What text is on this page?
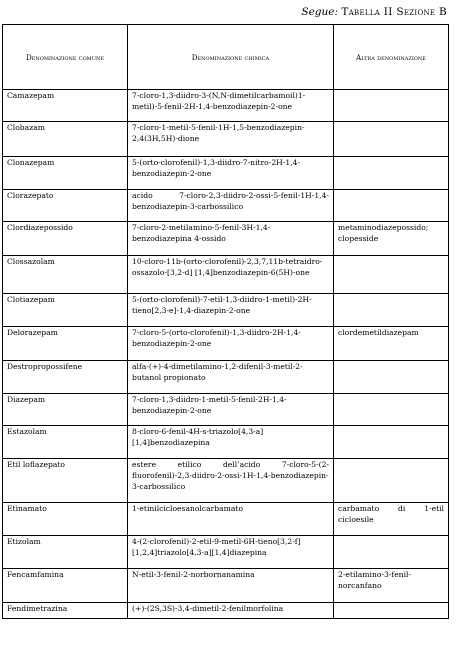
Segue: Tabella II Sezione B
Denominazione comune	Denominazione chimica	Altra denominazione
Camazepam	7-cloro-1,3-diidro-3-(N,N-dimetilcarbamoil)1-metil)-5-fenil-2H-1,4-benzodiazepin-2-one	
Clobazam	7-cloro-1-metil-5-fenil-1H-1,5-benzodiazepin-2,4(3H,5H)-dione	
Clonazepam	5-(orto-clorofenil)-1,3-diidro-7-nitro-2H-1,4-benzodiazepin-2-one	
Clorazepato	acido 7-cloro-2,3-diidro-2-ossi-5-fenil-1H-1,4-benzodiazepin-3-carbossilico	
Clordiazepossido	7-cloro-2-metilamino-5-fenil-3H-1,4-benzodiazepina 4-ossido	metaminodiazepossido; clopesside
Clossazolam	10-cloro-11b-(orto-clorofenil)-2,3,7,11b-tetraidro-ossazolo-[3,2-d] [1,4]benzodiazepin-6(5H)-one	
Clotiazepam	5-(orto-clorofenil)-7-etil-1,3-diidro-1-metil)-2H-tieno[2,3-e]-1,4-diazepin-2-one	
Delorazepam	7-cloro-5-(orto-clorofenil)-1,3-diidro-2H-1,4-benzodiazepin-2-one	clordemetildiazepam
Destropropossifene	alfa-(+)-4-dimetilamino-1,2-difenil-3-metil-2-butanol propionato	
Diazepam	7-cloro-1,3-diidro-1-metil-5-fenil-2H-1,4-benzodiazepin-2-one	
Estazolam	8-cloro-6-fenil-4H-s-triazolo[4,3-a] [1,4]benzodiazepina	
Etil loflazepato	estere etilico dell’acido 7-cloro-5-(2-fluorofenil)-2,3-diidro-2-ossi-1H-1,4-benzodiazepin-3-carbossilico	
Etinamato	1-etinilcicloesanolcarbamato	carbamato di 1-etil cicloesile
Etizolam	4-(2-clorofenil)-2-etil-9-metil-6H-tieno[3,2-f][1,2,4]triazolo[4,3-a][1,4]diazepina	
Fencamfamina	N-etil-3-fenil-2-norbornanamina	2-etilamino-3-fenil-norcanfano
Fendimetrazina	(+)-(2S,3S)-3,4-dimetil-2-fenilmorfolina	
